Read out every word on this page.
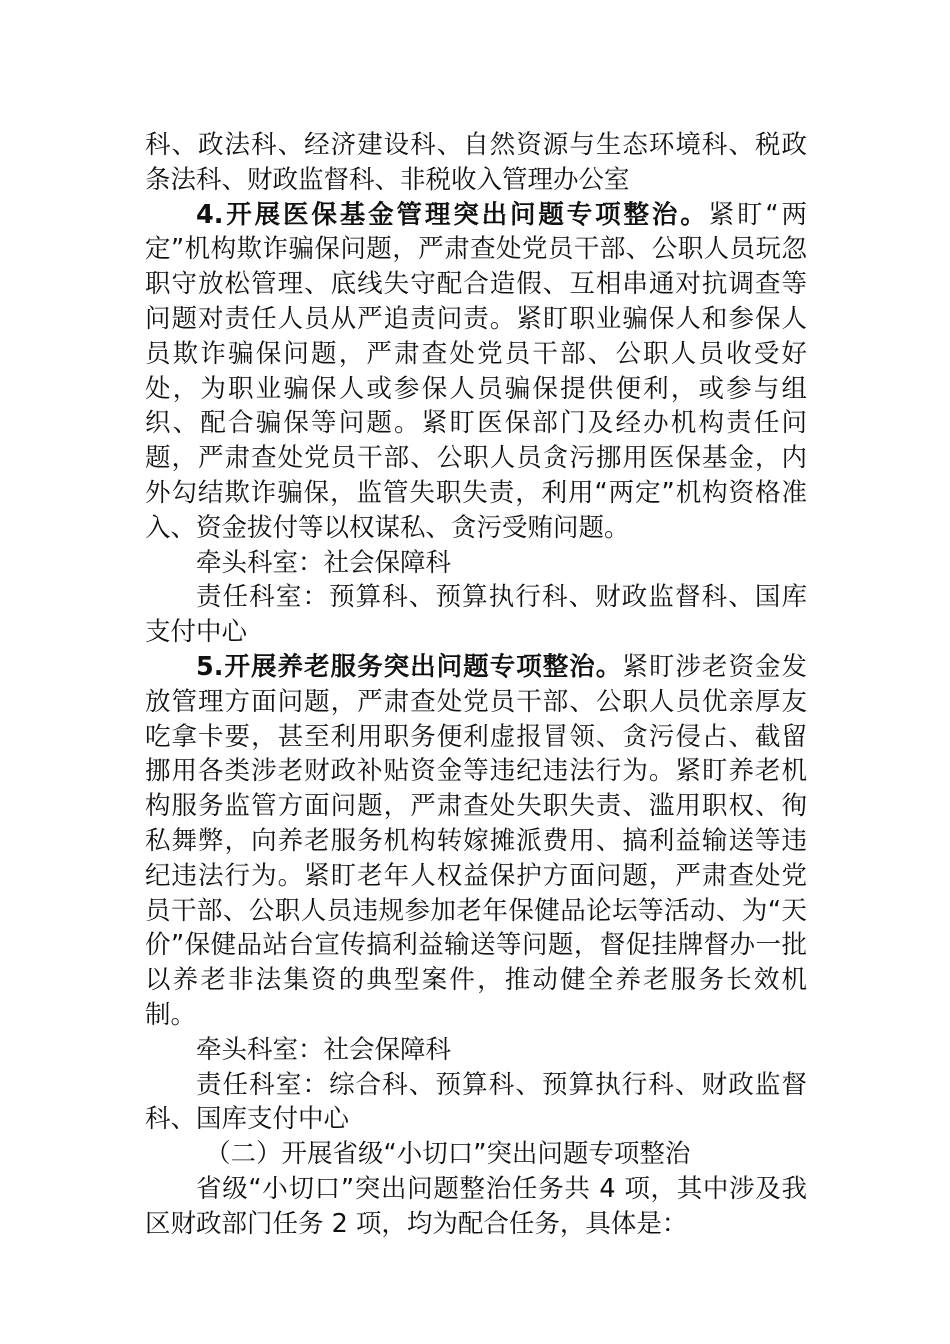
科、政法科、经济建设科、自然资源与生态环境科、税政条法科、财政监督科、非税收入管理办公室

4.开展医保基金管理突出问题专项整治。紧盯“两定”机构欺诈骗保问题，严肃查处党员干部、公职人员玩忽职守放松管理、底线失守配合造假、互相串通对抗调查等问题对责任人员从严追责问责。紧盯职业骗保人和参保人员欺诈骗保问题，严肃查处党员干部、公职人员收受好处，为职业骗保人或参保人员骗保提供便利，或参与组织、配合骗保等问题。紧盯医保部门及经办机构责任问题，严肃查处党员干部、公职人员贪污挪用医保基金，内外勾结欺诈骗保，监管失职失责，利用“两定”机构资格准入、资金拔付等以权谋私、贪污受贿问题。

牵头科室：社会保障科

责任科室：预算科、预算执行科、财政监督科、国库支付中心

5.开展养老服务突出问题专项整治。紧盯涉老资金发放管理方面问题，严肃查处党员干部、公职人员优亲厚友吃拿卡要，甚至利用职务便利虚报冒领、贪污侵占、截留挪用各类涉老财政补贴资金等违纪违法行为。紧盯养老机构服务监管方面问题，严肃查处失职失责、滥用职权、徇私舞弊，向养老服务机构转嫁摊派费用、搞利益输送等违纪违法行为。紧盯老年人权益保护方面问题，严肃查处党员干部、公职人员违规参加老年保健品论坛等活动、为“天价”保健品站台宣传搞利益输送等问题，督促挂牌督办一批以养老非法集资的典型案件，推动健全养老服务长效机制。

牵头科室：社会保障科

责任科室：综合科、预算科、预算执行科、财政监督科、国库支付中心

（二）开展省级“小切口”突出问题专项整治

省级“小切口”突出问题整治任务共 4 项，其中涉及我区财政部门任务 2 项，均为配合任务，具体是：
